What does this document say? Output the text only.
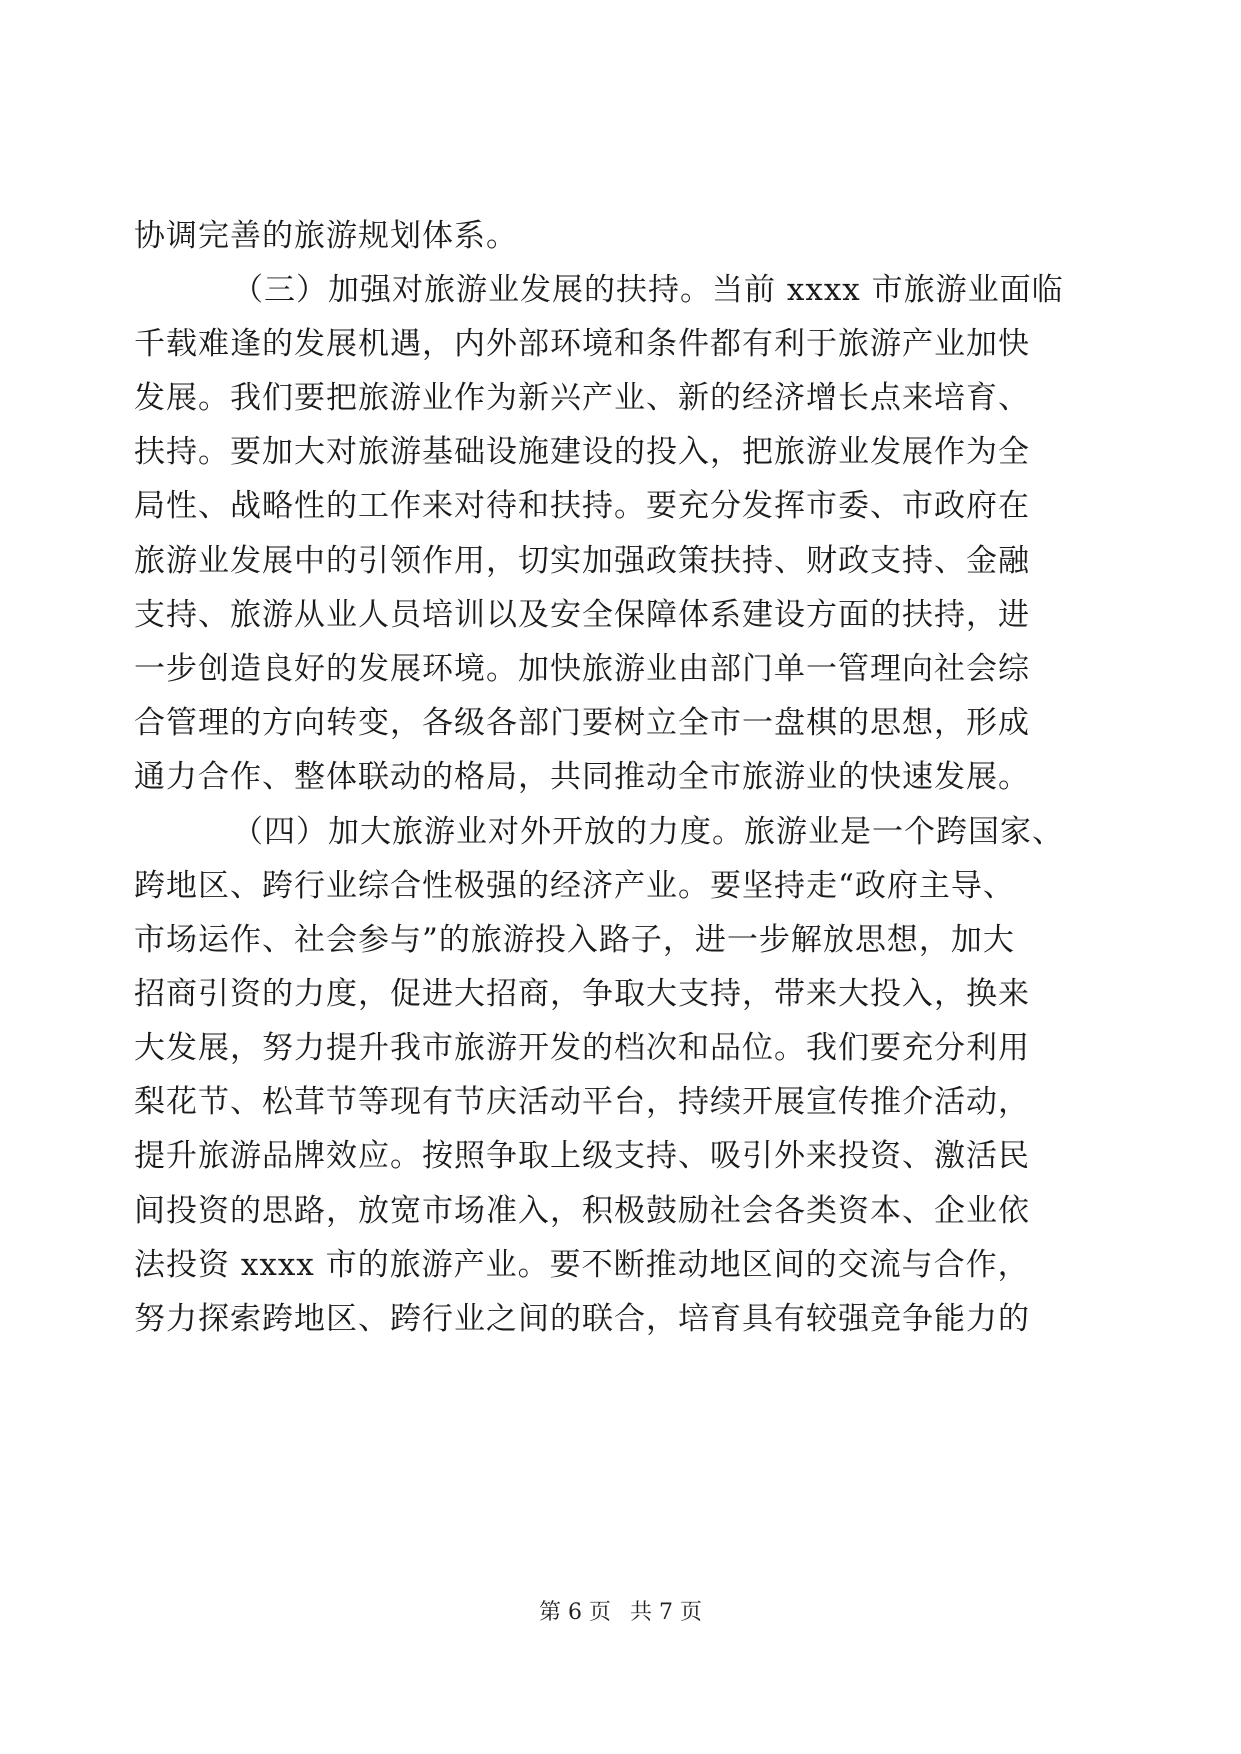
协调完善的旅游规划体系。
（三）加强对旅游业发展的扶持。当前 xxxx 市旅游业面临
千载难逢的发展机遇，内外部环境和条件都有利于旅游产业加快
发展。我们要把旅游业作为新兴产业、新的经济增长点来培育、
扶持。要加大对旅游基础设施建设的投入，把旅游业发展作为全
局性、战略性的工作来对待和扶持。要充分发挥市委、市政府在
旅游业发展中的引领作用，切实加强政策扶持、财政支持、金融
支持、旅游从业人员培训以及安全保障体系建设方面的扶持，进
一步创造良好的发展环境。加快旅游业由部门单一管理向社会综
合管理的方向转变，各级各部门要树立全市一盘棋的思想，形成
通力合作、整体联动的格局，共同推动全市旅游业的快速发展。
（四）加大旅游业对外开放的力度。旅游业是一个跨国家、
跨地区、跨行业综合性极强的经济产业。要坚持走“政府主导、
市场运作、社会参与”的旅游投入路子，进一步解放思想，加大
招商引资的力度，促进大招商，争取大支持，带来大投入，换来
大发展，努力提升我市旅游开发的档次和品位。我们要充分利用
梨花节、松茸节等现有节庆活动平台，持续开展宣传推介活动，
提升旅游品牌效应。按照争取上级支持、吸引外来投资、激活民
间投资的思路，放宽市场准入，积极鼓励社会各类资本、企业依
法投资 xxxx 市的旅游产业。要不断推动地区间的交流与合作，
努力探索跨地区、跨行业之间的联合，培育具有较强竞争能力的
第 6 页 共 7 页
